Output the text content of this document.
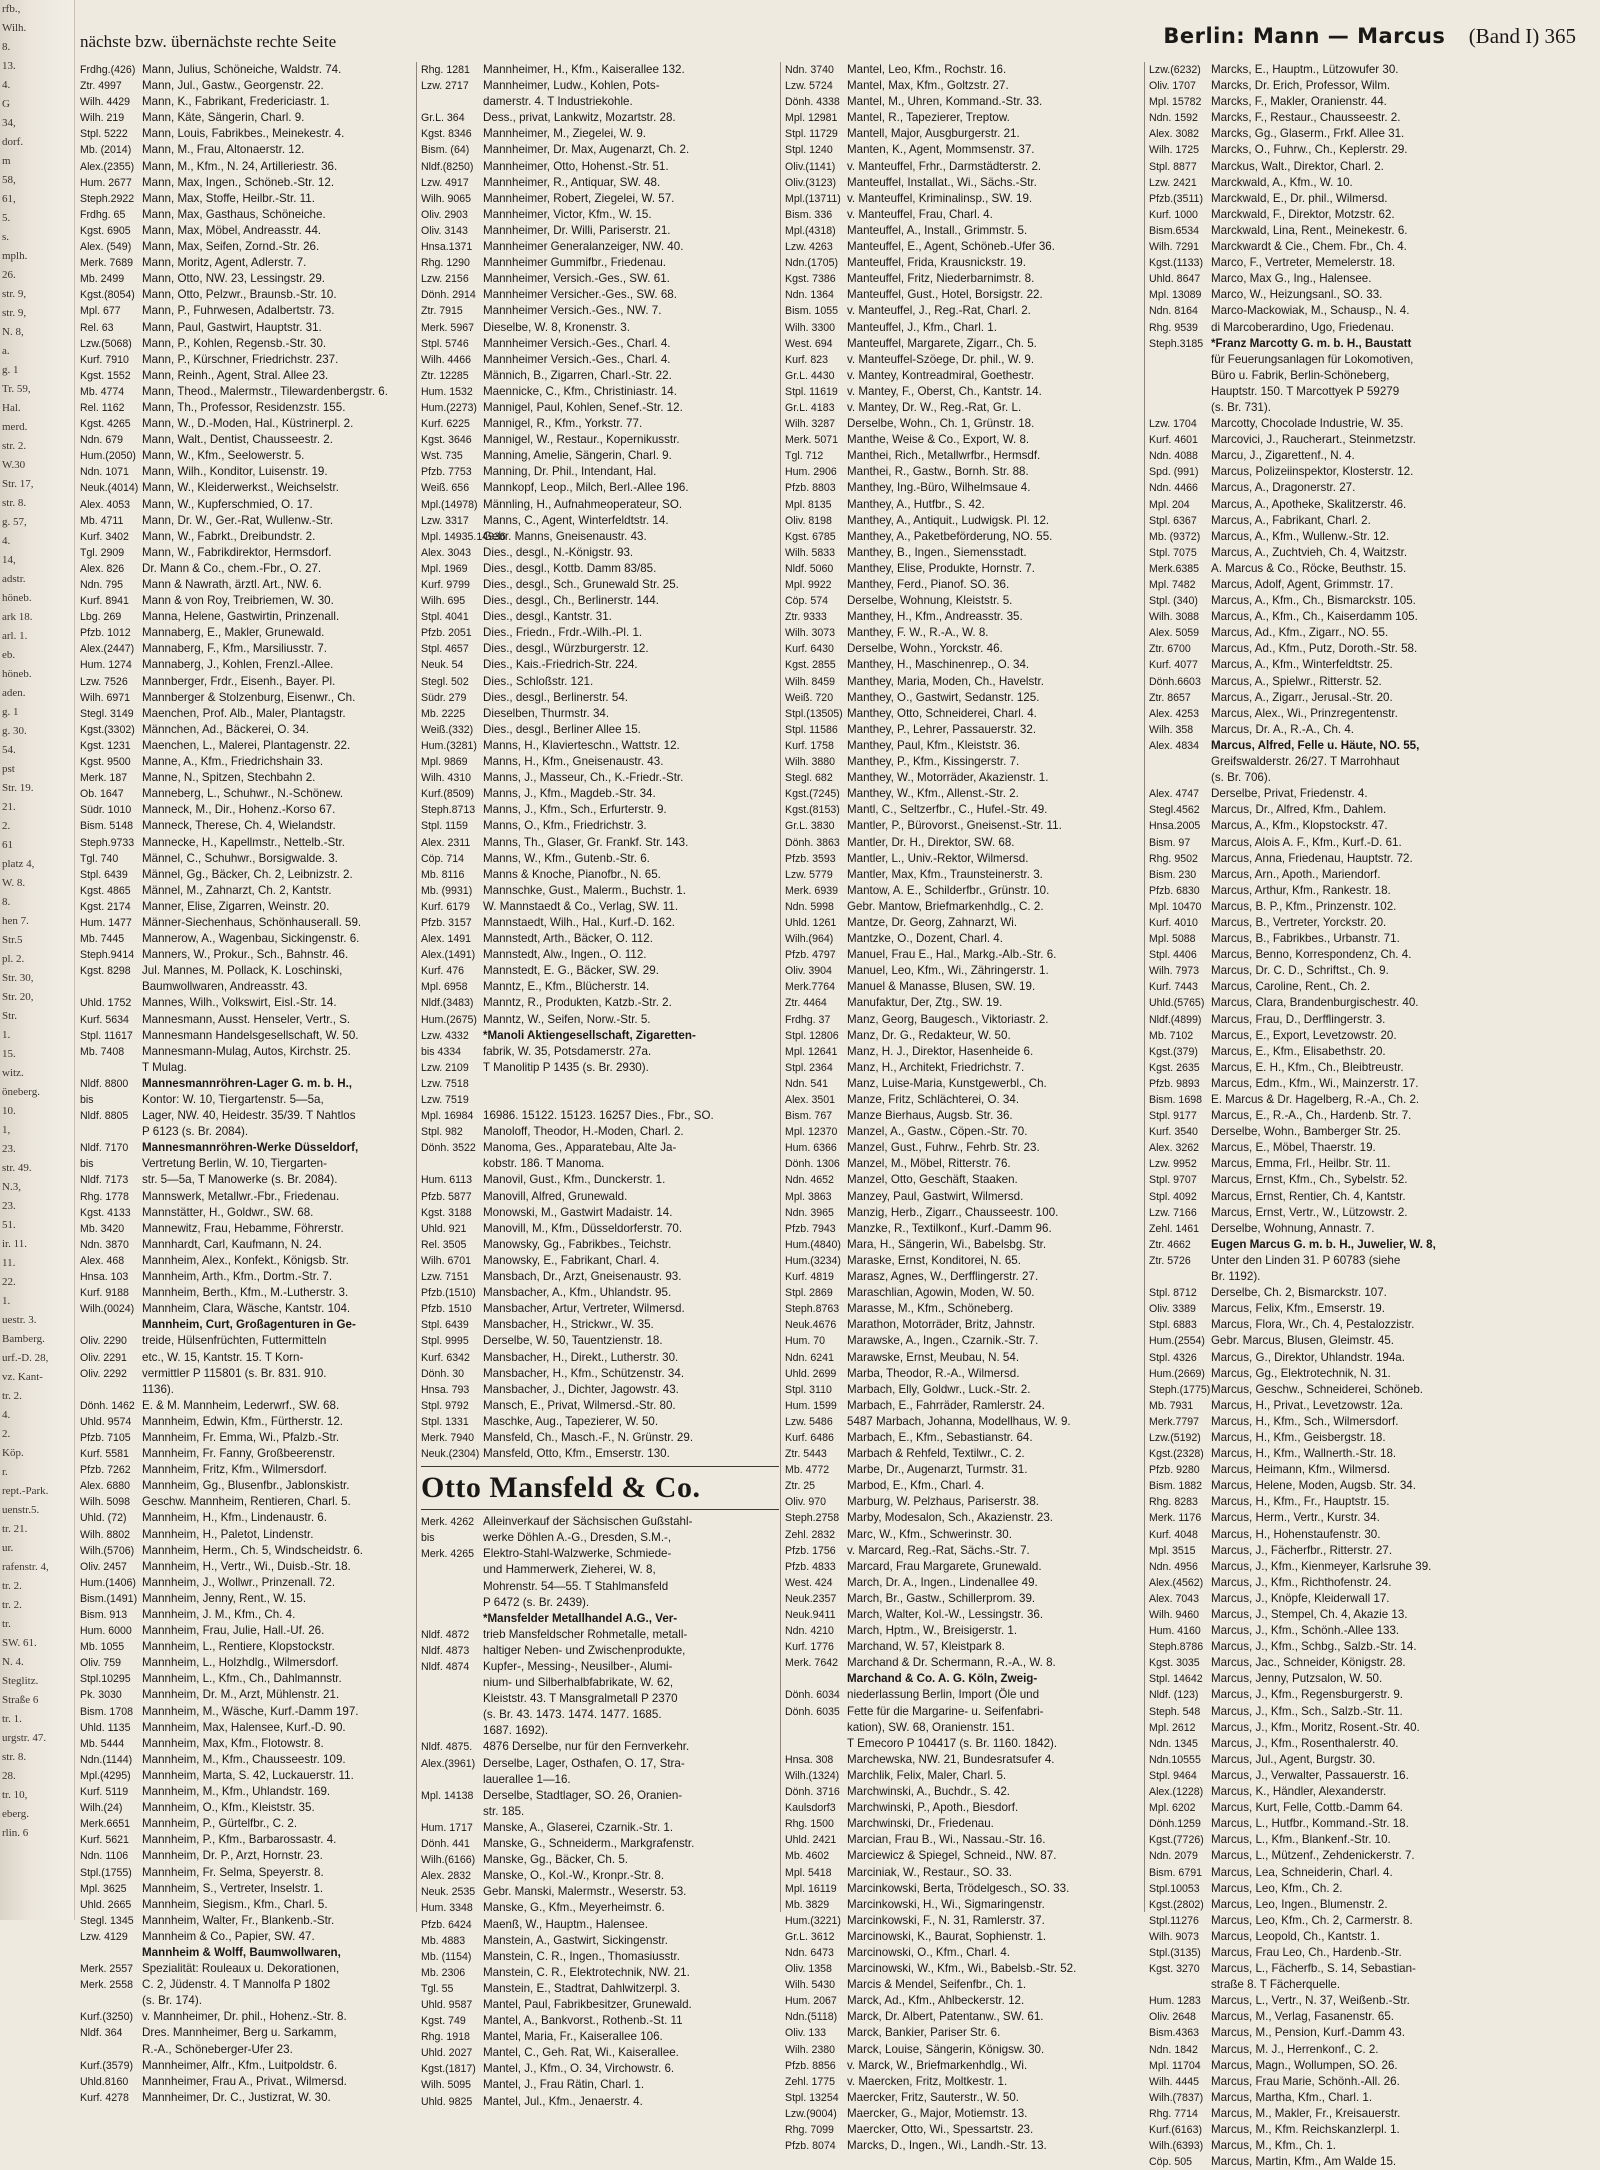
rfb.,
Wilh.
8.
13.
4.
G
34,
dorf.
m
58,
61,
5.
s.
mplh.
26.
str. 9,
str. 9,
N. 8,
a.
g. 1
Tr. 59,
Hal.
merd.
str. 2.
W.30
Str. 17,
str. 8.
g. 57,
4.
14,
adstr.
höneb.
ark 18.
arl. 1.
eb.
höneb.
aden.
g. 1
g. 30.
54.
pst
Str. 19.
21.
2.
61
platz 4,
W. 8.
8.
hen 7.
Str.5
pl. 2.
Str. 30,
Str. 20,
Str.
1.
15.
witz.
öneberg.
10.
1,
23.
str. 49.
N.3,
23.
51.
ir. 11.
11.
22.
1.
uestr. 3.
Bamberg.
urf.-D. 28,
vz. Kant-
tr. 2.
4.
2.
Köp.
r.
rept.-Park.
uenstr.5.
tr. 21.
ur.
rafenstr. 4,
tr. 2.
tr. 2.
tr.
SW. 61.
N. 4.
Steglitz.
Straße 6
tr. 1.
urgstr. 47.
str. 8.
28.
tr. 10,
eberg.
rlin. 6
nächste bzw. übernächste rechte Seite	Berlin: Mann — Marcus (Band I) 365
Frdhg.(426) Mann, Julius, Schöneiche, Waldstr. 74.
Ztr. 4997 Mann, Jul., Gastw., Georgenstr. 22.
Wilh. 4429 Mann, K., Fabrikant, Fredericiastr. 1.
Wilh. 219 Mann, Käte, Sängerin, Charl. 9.
Stpl. 5222 Mann, Louis, Fabrikbes., Meinekestr. 4.
Mb. (2014) Mann, M., Frau, Altonaerstr. 12.
Alex.(2355) Mann, M., Kfm., N. 24, Artilleriestr. 36.
Hum. 2677 Mann, Max, Ingen., Schöneb.-Str. 12.
Steph.2922 Mann, Max, Stoffe, Heilbr.-Str. 11.
Frdhg. 65 Mann, Max, Gasthaus, Schöneiche.
Kgst. 6905 Mann, Max, Möbel, Andreasstr. 44.
Alex. (549) Mann, Max, Seifen, Zornd.-Str. 26.
Merk. 7689 Mann, Moritz, Agent, Adlerstr. 7.
Mb. 2499 Mann, Otto, NW. 23, Lessingstr. 29.
Kgst.(8054) Mann, Otto, Pelzwr., Braunsb.-Str. 10.
Mpl. 677 Mann, P., Fuhrwesen, Adalbertstr. 73.
Rel. 63 Mann, Paul, Gastwirt, Hauptstr. 31.
Lzw.(5068) Mann, P., Kohlen, Regensb.-Str. 30.
Kurf. 7910 Mann, P., Kürschner, Friedrichstr. 237.
Kgst. 1552 Mann, Reinh., Agent, Stral. Allee 23.
Mb. 4774 Mann, Theod., Malermstr., Tilewardenbergstr. 6.
Rel. 1162 Mann, Th., Professor, Residenzstr. 155.
Kgst. 4265 Mann, W., D.-Moden, Hal., Küstrinerpl. 2.
Ndn. 679 Mann, Walt., Dentist, Chausseestr. 2.
Hum.(2050) Mann, W., Kfm., Seelowerstr. 5.
Ndn. 1071 Mann, Wilh., Konditor, Luisenstr. 19.
Neuk.(4014) Mann, W., Kleiderwerkst., Weichselstr.
Alex. 4053 Mann, W., Kupferschmied, O. 17.
Mb. 4711 Mann, Dr. W., Ger.-Rat, Wullenw.-Str.
Kurf. 3402 Mann, W., Fabrkt., Dreibundstr. 2.
Tgl. 2909 Mann, W., Fabrikdirektor, Hermsdorf.
Alex. 826 Dr. Mann & Co., chem.-Fbr., O. 27.
Ndn. 795 Mann & Nawrath, ärztl. Art., NW. 6.
Kurf. 8941 Mann & von Roy, Treibriemen, W. 30.
Lbg. 269 Manna, Helene, Gastwirtin, Prinzenall.
Pfzb. 1012 Mannaberg, E., Makler, Grunewald.
Alex.(2447) Mannaberg, F., Kfm., Marsiliusstr. 7.
Hum. 1274 Mannaberg, J., Kohlen, Frenzl.-Allee.
Lzw. 7526 Mannberger, Frdr., Eisenh., Bayer. Pl.
Wilh. 6971 Mannberger & Stolzenburg, Eisenwr., Ch.
Stegl. 3149 Maenchen, Prof. Alb., Maler, Plantagstr.
Kgst.(3302) Männchen, Ad., Bäckerei, O. 34.
Kgst. 1231 Maenchen, L., Malerei, Plantagenstr. 22.
Kgst. 9500 Manne, A., Kfm., Friedrichshain 33.
Merk. 187 Manne, N., Spitzen, Stechbahn 2.
Ob. 1647 Manneberg, L., Schuhwr., N.-Schönew.
Südr. 1010 Manneck, M., Dir., Hohenz.-Korso 67.
Bism. 5148 Manneck, Therese, Ch. 4, Wielandstr.
Steph.9733 Mannecke, H., Kapellmstr., Nettelb.-Str.
Tgl. 740 Männel, C., Schuhwr., Borsigwalde. 3.
Stpl. 6439 Männel, Gg., Bäcker, Ch. 2, Leibnizstr. 2.
Kgst. 4865 Männel, M., Zahnarzt, Ch. 2, Kantstr.
Kgst. 2174 Manner, Elise, Zigarren, Weinstr. 20.
Hum. 1477 Männer-Siechenhaus, Schönhauserall. 59.
Mb. 7445 Mannerow, A., Wagenbau, Sickingenstr. 6.
Steph.9414 Manners, W., Prokur., Sch., Bahnstr. 46.
Kgst. 8298 Jul. Mannes, M. Pollack, K. Loschinski,
Baumwollwaren, Andreasstr. 43.
Uhld. 1752 Mannes, Wilh., Volkswirt, Eisl.-Str. 14.
Kurf. 5634 Mannesmann, Ausst. Henseler, Vertr., S.
Stpl. 11617 Mannesmann Handelsgesellschaft, W. 50.
Mb. 7408 Mannesmann-Mulag, Autos, Kirchstr. 25.
T Mulag.
Nldf. 8800 Mannesmannröhren-Lager G. m. b. H.,
bis	Kontor: W. 10, Tiergartenstr. 5—5a,
Nldf. 8805 Lager, NW. 40, Heidestr. 35/39. T Nahtlos
P 6123 (s. Br. 2084).
Nldf. 7170 Mannesmannröhren-Werke Düsseldorf,
bis	Vertretung Berlin, W. 10, Tiergarten-
Nldf. 7173 str. 5—5a, T Manowerke (s. Br. 2084).
Rhg. 1778 Mannswerk, Metallwr.-Fbr., Friedenau.
Kgst. 4133 Mannstätter, H., Goldwr., SW. 68.
Mb. 3420 Mannewitz, Frau, Hebamme, Föhrerstr.
Ndn. 3870 Mannhardt, Carl, Kaufmann, N. 24.
Alex. 468 Mannheim, Alex., Konfekt., Königsb. Str.
Hnsa. 103 Mannheim, Arth., Kfm., Dortm.-Str. 7.
Kurf. 9188 Mannheim, Berth., Kfm., M.-Lutherstr. 3.
Wilh.(0024) Mannheim, Clara, Wäsche, Kantstr. 104.
Mannheim, Curt, Großagenturen in Ge-
Oliv. 2290 treide, Hülsenfrüchten, Futtermitteln
Oliv. 2291 etc., W. 15, Kantstr. 15. T Korn-
Oliv. 2292 vermittler P 115801 (s. Br. 831. 910.
1136).
Dönh. 1462 E. & M. Mannheim, Lederwrf., SW. 68.
Uhld. 9574 Mannheim, Edwin, Kfm., Fürtherstr. 12.
Pfzb. 7105 Mannheim, Fr. Emma, Wi., Pfalzb.-Str.
Kurf. 5581 Mannheim, Fr. Fanny, Großbeerenstr.
Pfzb. 7262 Mannheim, Fritz, Kfm., Wilmersdorf.
Alex. 6880 Mannheim, Gg., Blusenfbr., Jablonskistr.
Wilh. 5098 Geschw. Mannheim, Rentieren, Charl. 5.
Uhld. (72) Mannheim, H., Kfm., Lindenaustr. 6.
Wilh. 8802 Mannheim, H., Paletot, Lindenstr.
Wilh.(5706) Mannheim, Herm., Ch. 5, Windscheidstr. 6.
Oliv. 2457 Mannheim, H., Vertr., Wi., Duisb.-Str. 18.
Hum.(1406) Mannheim, J., Wollwr., Prinzenall. 72.
Bism.(1491) Mannheim, Jenny, Rent., W. 15.
Bism. 913 Mannheim, J. M., Kfm., Ch. 4.
Hum. 6000 Mannheim, Frau, Julie, Hall.-Uf. 26.
Mb. 1055 Mannheim, L., Rentiere, Klopstockstr.
Oliv. 759 Mannheim, L., Holzhdlg., Wilmersdorf.
Stpl.10295 Mannheim, L., Kfm., Ch., Dahlmannstr.
Pk. 3030 Mannheim, Dr. M., Arzt, Mühlenstr. 21.
Bism. 1708 Mannheim, M., Wäsche, Kurf.-Damm 197.
Uhld. 1135 Mannheim, Max, Halensee, Kurf.-D. 90.
Mb. 5444 Mannheim, Max, Kfm., Flotowstr. 8.
Ndn.(1144) Mannheim, M., Kfm., Chausseestr. 109.
Mpl.(4295) Mannheim, Marta, S. 42, Luckauerstr. 11.
Kurf. 5119 Mannheim, M., Kfm., Uhlandstr. 169.
Wilh.(24) Mannheim, O., Kfm., Kleiststr. 35.
Merk.6651 Mannheim, P., Gürtelfbr., C. 2.
Kurf. 5621 Mannheim, P., Kfm., Barbarossastr. 4.
Ndn. 1106 Mannheim, Dr. P., Arzt, Hornstr. 23.
Stpl.(1755) Mannheim, Fr. Selma, Speyerstr. 8.
Mpl. 3625 Mannheim, S., Vertreter, Inselstr. 1.
Uhld. 2665 Mannheim, Siegism., Kfm., Charl. 5.
Stegl. 1345 Mannheim, Walter, Fr., Blankenb.-Str.
Lzw. 4129 Mannheim & Co., Papier, SW. 47.
Mannheim & Wolff, Baumwollwaren,
Merk. 2557 Spezialität: Rouleaux u. Dekorationen,
Merk. 2558 C. 2, Jüdenstr. 4. T Mannolfa P 1802
(s. Br. 174).
Kurf.(3250) v. Mannheimer, Dr. phil., Hohenz.-Str. 8.
Nldf. 364 Dres. Mannheimer, Berg u. Sarkamm,
R.-A., Schöneberger-Ufer 23.
Kurf.(3579) Mannheimer, Alfr., Kfm., Luitpoldstr. 6.
Uhld.8160 Mannheimer, Frau A., Privat., Wilmersd.
Kurf. 4278 Mannheimer, Dr. C., Justizrat, W. 30.
Rhg. 1281 Mannheimer, H., Kfm., Kaiserallee 132.
Lzw. 2717 Mannheimer, Ludw., Kohlen, Pots-
damerstr. 4. T Industriekohle.
Gr.L. 364 Dess., privat, Lankwitz, Mozartstr. 28.
Kgst. 8346 Mannheimer, M., Ziegelei, W. 9.
Bism. (64) Mannheimer, Dr. Max, Augenarzt, Ch. 2.
Nldf.(8250) Mannheimer, Otto, Hohenst.-Str. 51.
Lzw. 4917 Mannheimer, R., Antiquar, SW. 48.
Wilh. 9065 Mannheimer, Robert, Ziegelei, W. 57.
Oliv. 2903 Mannheimer, Victor, Kfm., W. 15.
Oliv. 3143 Mannheimer, Dr. Willi, Pariserstr. 21.
Hnsa.1371 Mannheimer Generalanzeiger, NW. 40.
Rhg. 1290 Mannheimer Gummifbr., Friedenau.
Lzw. 2156 Mannheimer, Versich.-Ges., SW. 61.
Dönh. 2914 Mannheimer Versicher.-Ges., SW. 68.
Ztr. 7915 Mannheimer Versich.-Ges., NW. 7.
Merk. 5967 Dieselbe, W. 8, Kronenstr. 3.
Stpl. 5746 Mannheimer Versich.-Ges., Charl. 4.
Wilh. 4466 Mannheimer Versich.-Ges., Charl. 4.
Ztr. 12285 Männich, B., Zigarren, Charl.-Str. 22.
Hum. 1532 Maennicke, C., Kfm., Christiniastr. 14.
Hum.(2273) Mannigel, Paul, Kohlen, Senef.-Str. 12.
Kurf. 6225 Mannigel, R., Kfm., Yorkstr. 77.
Kgst. 3646 Mannigel, W., Restaur., Kopernikusstr.
Wst. 735 Manning, Amelie, Sängerin, Charl. 9.
Pfzb. 7753 Manning, Dr. Phil., Intendant, Hal.
Weiß. 656 Mannkopf, Leop., Milch, Berl.-Allee 196.
Mpl.(14978) Männling, H., Aufnahmeoperateur, SO.
Lzw. 3317 Manns, C., Agent, Winterfeldtstr. 14.
Mpl. 14935.14936Gebr. Manns, Gneisenaustr. 43.
Alex. 3043 Dies., desgl., N.-Königstr. 93.
Mpl. 1969 Dies., desgl., Kottb. Damm 83/85.
Kurf. 9799 Dies., desgl., Sch., Grunewald Str. 25.
Wilh. 695 Dies., desgl., Ch., Berlinerstr. 144.
Stpl. 4041 Dies., desgl., Kantstr. 31.
Pfzb. 2051 Dies., Friedn., Frdr.-Wilh.-Pl. 1.
Stpl. 4657 Dies., desgl., Würzburgerstr. 12.
Neuk. 54 Dies., Kais.-Friedrich-Str. 224.
Stegl. 502 Dies., Schloßstr. 121.
Südr. 279 Dies., desgl., Berlinerstr. 54.
Mb. 2225 Dieselben, Thurmstr. 34.
Weiß.(332) Dies., desgl., Berliner Allee 15.
Hum.(3281) Manns, H., Klavierteschn., Wattstr. 12.
Mpl. 9869 Manns, H., Kfm., Gneisenaustr. 43.
Wilh. 4310 Manns, J., Masseur, Ch., K.-Friedr.-Str.
Kurf.(8509) Manns, J., Kfm., Magdeb.-Str. 34.
Steph.8713 Manns, J., Kfm., Sch., Erfurterstr. 9.
Stpl. 1159 Manns, O., Kfm., Friedrichstr. 3.
Alex. 2311 Manns, Th., Glaser, Gr. Frankf. Str. 143.
Cöp. 714 Manns, W., Kfm., Gutenb.-Str. 6.
Mb. 8116 Manns & Knoche, Pianofbr., N. 65.
Mb. (9931) Mannschke, Gust., Malerm., Buchstr. 1.
Kurf. 6179 W. Mannstaedt & Co., Verlag, SW. 11.
Pfzb. 3157 Mannstaedt, Wilh., Hal., Kurf.-D. 162.
Alex. 1491 Mannstedt, Arth., Bäcker, O. 112.
Alex.(1491) Mannstedt, Alw., Ingen., O. 112.
Kurf. 476 Mannstedt, E. G., Bäcker, SW. 29.
Mpl. 6958 Manntz, E., Kfm., Blücherstr. 14.
Nldf.(3483) Manntz, R., Produkten, Katzb.-Str. 2.
Hum.(2675) Manntz, W., Seifen, Norw.-Str. 5.
Lzw. 4332 *Manoli Aktiengesellschaft, Zigaretten-
bis 4334 fabrik, W. 35, Potsdamerstr. 27a.
Lzw. 2109 T Manolitip P 1435 (s. Br. 2930).
Lzw. 7518
Lzw. 7519
Mpl. 16984 16986. 15122. 15123. 16257 Dies., Fbr., SO.
Stpl. 982 Manoloff, Theodor, H.-Moden, Charl. 2.
Dönh. 3522 Manoma, Ges., Apparatebau, Alte Ja-
kobstr. 186. T Manoma.
Hum. 6113 Manovil, Gust., Kfm., Dunckerstr. 1.
Pfzb. 5877 Manovill, Alfred, Grunewald.
Kgst. 3188 Monowski, M., Gastwirt Madaistr. 14.
Uhld. 921 Manovill, M., Kfm., Düsseldorferstr. 70.
Rel. 3505 Manowsky, Gg., Fabrikbes., Teichstr.
Wilh. 6701 Manowsky, E., Fabrikant, Charl. 4.
Lzw. 7151 Mansbach, Dr., Arzt, Gneisenaustr. 93.
Pfzb.(1510) Mansbacher, A., Kfm., Uhlandstr. 95.
Pfzb. 1510 Mansbacher, Artur, Vertreter, Wilmersd.
Stpl. 6439 Mansbacher, H., Strickwr., W. 35.
Stpl. 9995 Derselbe, W. 50, Tauentzienstr. 18.
Kurf. 6342 Mansbacher, H., Direkt., Lutherstr. 30.
Dönh. 30 Mansbacher, H., Kfm., Schützenstr. 34.
Hnsa. 793 Mansbacher, J., Dichter, Jagowstr. 43.
Stpl. 9792 Mansch, E., Privat, Wilmersd.-Str. 80.
Stpl. 1331 Maschke, Aug., Tapezierer, W. 50.
Merk. 7940 Mansfeld, Ch., Masch.-F., N. Grünstr. 29.
Neuk.(2304) Mansfeld, Otto, Kfm., Emserstr. 130.
Otto Mansfeld & Co.
Merk. 4262 Alleinverkauf der Sächsischen Gußstahl-
bis	werke Döhlen A.-G., Dresden, S.M.-,
Merk. 4265 Elektro-Stahl-Walzwerke, Schmiede-
und Hammerwerk, Zieherei, W. 8,
Mohrenstr. 54—55. T Stahlmansfeld
P 6472 (s. Br. 2439).
*Mansfelder Metallhandel A.G., Ver-
Nldf. 4872 trieb Mansfeldscher Rohmetalle, metall-
Nldf. 4873 haltiger Neben- und Zwischenprodukte,
Nldf. 4874 Kupfer-, Messing-, Neusilber-, Alumi-
nium- und Silberhalbfabrikate, W. 62,
Kleiststr. 43. T Mansgralmetall P 2370
(s. Br. 43. 1473. 1474. 1477. 1685.
1687. 1692).
Nldf. 4875. 4876 Derselbe, nur für den Fernverkehr.
Alex.(3961) Derselbe, Lager, Osthafen, O. 17, Stra-
lauerallee 1—16.
Mpl. 14138 Derselbe, Stadtlager, SO. 26, Oranien-
str. 185.
Hum. 1717 Manske, A., Glaserei, Czarnik.-Str. 1.
Dönh. 441 Manske, G., Schneiderm., Markgrafenstr.
Wilh.(6166) Manske, Gg., Bäcker, Ch. 5.
Alex. 2832 Manske, O., Kol.-W., Kronpr.-Str. 8.
Neuk. 2535 Gebr. Manski, Malermstr., Weserstr. 53.
Hum. 3348 Manske, G., Kfm., Meyerheimstr. 6.
Pfzb. 6424 Maenß, W., Hauptm., Halensee.
Mb. 4883 Manstein, A., Gastwirt, Sickingenstr.
Mb. (1154) Manstein, C. R., Ingen., Thomasiusstr.
Mb. 2306 Manstein, C. R., Elektrotechnik, NW. 21.
Tgl. 55	Manstein, E., Stadtrat, Dahlwitzerpl. 3.
Uhld. 9587 Mantel, Paul, Fabrikbesitzer, Grunewald.
Kgst. 749 Mantel, A., Bankvorst., Rothenb.-St. 11
Rhg. 1918 Mantel, Maria, Fr., Kaiserallee 106.
Uhld. 2027 Mantel, C., Geh. Rat, Wi., Kaiserallee.
Kgst.(1817) Mantel, J., Kfm., O. 34, Virchowstr. 6.
Wilh. 5095 Mantel, J., Frau Rätin, Charl. 1.
Uhld. 9825 Mantel, Jul., Kfm., Jenaerstr. 4.
Ndn. 3740 Mantel, Leo, Kfm., Rochstr. 16.
Lzw. 5724 Mantel, Max, Kfm., Goltzstr. 27.
Dönh. 4338 Mantel, M., Uhren, Kommand.-Str. 33.
Mpl. 12981 Mantel, R., Tapezierer, Treptow.
Stpl. 11729 Mantell, Major, Ausgburgerstr. 21.
Stpl. 1240 Manten, K., Agent, Mommsenstr. 37.
Oliv.(1141) v. Manteuffel, Frhr., Darmstädterstr. 2.
Oliv.(3123) Manteuffel, Installat., Wi., Sächs.-Str.
Mpl.(13711) v. Manteuffel, Kriminalinsp., SW. 19.
Bism. 336 v. Manteuffel, Frau, Charl. 4.
Mpl.(4318) Manteuffel, A., Install., Grimmstr. 5.
Lzw. 4263 Manteuffel, E., Agent, Schöneb.-Ufer 36.
Ndn.(1705) Manteuffel, Frida, Krausnickstr. 19.
Kgst. 7386 Manteuffel, Fritz, Niederbarnimstr. 8.
Ndn. 1364 Manteuffel, Gust., Hotel, Borsigstr. 22.
Bism. 1055 v. Manteuffel, J., Reg.-Rat, Charl. 2.
Wilh. 3300 Manteuffel, J., Kfm., Charl. 1.
West. 694 Manteuffel, Margarete, Zigarr., Ch. 5.
Kurf. 823 v. Manteuffel-Szöege, Dr. phil., W. 9.
Gr.L. 4430 v. Mantey, Kontreadmiral, Goethestr.
Stpl. 11619 v. Mantey, F., Oberst, Ch., Kantstr. 14.
Gr.L. 4183 v. Mantey, Dr. W., Reg.-Rat, Gr. L.
Wilh. 3287 Derselbe, Wohn., Ch. 1, Grünstr. 18.
Merk. 5071 Manthe, Weise & Co., Export, W. 8.
Tgl. 712 Manthei, Rich., Metallwrfbr., Hermsdf.
Hum. 2906 Manthei, R., Gastw., Bornh. Str. 88.
Pfzb. 8803 Manthey, Ing.-Büro, Wilhelmsaue 4.
Mpl. 8135 Manthey, A., Hutfbr., S. 42.
Oliv. 8198 Manthey, A., Antiquit., Ludwigsk. Pl. 12.
Kgst. 6785 Manthey, A., Paketbeförderung, NO. 55.
Wilh. 5833 Manthey, B., Ingen., Siemensstadt.
Nldf. 5060 Manthey, Elise, Produkte, Hornstr. 7.
Mpl. 9922 Manthey, Ferd., Pianof. SO. 36.
Cöp. 574 Derselbe, Wohnung, Kleiststr. 5.
Ztr. 9333 Manthey, H., Kfm., Andreasstr. 35.
Wilh. 3073 Manthey, F. W., R.-A., W. 8.
Kurf. 6430 Derselbe, Wohn., Yorckstr. 46.
Kgst. 2855 Manthey, H., Maschinenrep., O. 34.
Wilh. 8459 Manthey, Maria, Moden, Ch., Havelstr.
Weiß. 720 Manthey, O., Gastwirt, Sedanstr. 125.
Stpl.(13505) Manthey, Otto, Schneiderei, Charl. 4.
Stpl. 11586 Manthey, P., Lehrer, Passauerstr. 32.
Kurf. 1758 Manthey, Paul, Kfm., Kleiststr. 36.
Wilh. 3880 Manthey, P., Kfm., Kissingerstr. 7.
Stegl. 682 Manthey, W., Motorräder, Akazienstr. 1.
Kgst.(7245) Manthey, W., Kfm., Allenst.-Str. 2.
Kgst.(8153) Mantl, C., Seltzerfbr., C., Hufel.-Str. 49.
Gr.L. 3830 Mantler, P., Bürovorst., Gneisenst.-Str. 11.
Dönh. 3863 Mantler, Dr. H., Direktor, SW. 68.
Pfzb. 3593 Mantler, L., Univ.-Rektor, Wilmersd.
Lzw. 5779 Mantler, Max, Kfm., Traunsteinerstr. 3.
Merk. 6939 Mantow, A. E., Schilderfbr., Grünstr. 10.
Ndn. 5998 Gebr. Mantow, Briefmarkenhdlg., C. 2.
Uhld. 1261 Mantze, Dr. Georg, Zahnarzt, Wi.
Wilh.(964) Mantzke, O., Dozent, Charl. 4.
Pfzb. 4797 Manuel, Frau E., Hal., Markg.-Alb.-Str. 6.
Oliv. 3904 Manuel, Leo, Kfm., Wi., Zähringerstr. 1.
Merk.7764 Manuel & Manasse, Blusen, SW. 19.
Ztr. 4464 Manufaktur, Der, Ztg., SW. 19.
Frdhg. 37 Manz, Georg, Baugesch., Viktoriastr. 2.
Stpl. 12806 Manz, Dr. G., Redakteur, W. 50.
Mpl. 12641 Manz, H. J., Direktor, Hasenheide 6.
Stpl. 2364 Manz, H., Architekt, Friedrichstr. 7.
Ndn. 541 Manz, Luise-Maria, Kunstgewerbl., Ch.
Alex. 3501 Manze, Fritz, Schlächterei, O. 34.
Bism. 767 Manze Bierhaus, Augsb. Str. 36.
Mpl. 12370 Manzel, A., Gastw., Cöpen.-Str. 70.
Hum. 6366 Manzel, Gust., Fuhrw., Fehrb. Str. 23.
Dönh. 1306 Manzel, M., Möbel, Ritterstr. 76.
Ndn. 4652 Manzel, Otto, Geschäft, Staaken.
Mpl. 3863 Manzey, Paul, Gastwirt, Wilmersd.
Ndn. 3965 Manzig, Herb., Zigarr., Chausseestr. 100.
Pfzb. 7943 Manzke, R., Textilkonf., Kurf.-Damm 96.
Hum.(4840) Mara, H., Sängerin, Wi., Babelsbg. Str.
Hum.(3234) Maraske, Ernst, Konditorei, N. 65.
Kurf. 4819 Marasz, Agnes, W., Derfflingerstr. 27.
Stpl. 2869 Maraschlian, Agowin, Moden, W. 50.
Steph.8763 Marasse, M., Kfm., Schöneberg.
Neuk.4676 Marathon, Motorräder, Britz, Jahnstr.
Hum. 70 Marawske, A., Ingen., Czarnik.-Str. 7.
Ndn. 6241 Marawske, Ernst, Meubau, N. 54.
Uhld. 2699 Marba, Theodor, R.-A., Wilmersd.
Stpl. 3110 Marbach, Elly, Goldwr., Luck.-Str. 2.
Hum. 1599 Marbach, E., Fahrräder, Ramlerstr. 24.
Lzw. 5486 5487 Marbach, Johanna, Modellhaus, W. 9.
Kurf. 6486 Marbach, E., Kfm., Sebastianstr. 64.
Ztr. 5443 Marbach & Rehfeld, Textilwr., C. 2.
Mb. 4772 Marbe, Dr., Augenarzt, Turmstr. 31.
Ztr. 25	Marbod, E., Kfm., Charl. 4.
Oliv. 970 Marburg, W. Pelzhaus, Pariserstr. 38.
Steph.2758 Marby, Modesalon, Sch., Akazienstr. 23.
Zehl. 2832 Marc, W., Kfm., Schwerinstr. 30.
Pfzb. 1756 v. Marcard, Reg.-Rat, Sächs.-Str. 7.
Pfzb. 4833 Marcard, Frau Margarete, Grunewald.
West. 424 March, Dr. A., Ingen., Lindenallee 49.
Neuk.2357 March, Br., Gastw., Schillerprom. 39.
Neuk.9411 March, Walter, Kol.-W., Lessingstr. 36.
Ndn. 4210 March, Hptm., W., Breisigerstr. 1.
Kurf. 1776 Marchand, W. 57, Kleistpark 8.
Merk. 7642 Marchand & Dr. Schermann, R.-A., W. 8.
Marchand & Co. A. G. Köln, Zweig-
Dönh. 6034 niederlassung Berlin, Import (Öle und
Dönh. 6035 Fette für die Margarine- u. Seifenfabri-
kation), SW. 68, Oranienstr. 151.
T Emecoro P 104417 (s. Br. 1160. 1842).
Hnsa. 308 Marchewska, NW. 21, Bundesratsufer 4.
Wilh.(1324) Marchlik, Felix, Maler, Charl. 5.
Dönh. 3716 Marchwinski, A., Buchdr., S. 42.
Kaulsdorf3 Marchwinski, P., Apoth., Biesdorf.
Rhg. 1500 Marchwinski, Dr., Friedenau.
Uhld. 2421 Marcian, Frau B., Wi., Nassau.-Str. 16.
Mb. 4602 Marciewicz & Spiegel, Schneid., NW. 87.
Mpl. 5418 Marciniak, W., Restaur., SO. 33.
Mpl. 16119 Marcinkowski, Berta, Trödelgesch., SO. 33.
Mb. 3829 Marcinkowski, H., Wi., Sigmaringenstr.
Hum.(3221) Marcinkowski, F., N. 31, Ramlerstr. 37.
Gr.L. 3612 Marcinowski, K., Baurat, Sophienstr. 1.
Ndn. 6473 Marcinowski, O., Kfm., Charl. 4.
Oliv. 1358 Marcinowski, W., Kfm., Wi., Babelsb.-Str. 52.
Wilh. 5430 Marcis & Mendel, Seifenfbr., Ch. 1.
Hum. 2067 Marck, Ad., Kfm., Ahlbeckerstr. 12.
Ndn.(5118) Marck, Dr. Albert, Patentanw., SW. 61.
Oliv. 133 Marck, Bankier, Pariser Str. 6.
Wilh. 2380 Marck, Louise, Sängerin, Königsw. 30.
Pfzb. 8856 v. Marck, W., Briefmarkenhdlg., Wi.
Zehl. 1775 v. Maercken, Fritz, Moltkestr. 1.
Stpl. 13254 Maercker, Fritz, Sauterstr., W. 50.
Lzw.(9004) Maercker, G., Major, Motiemstr. 13.
Rhg. 7099 Maercker, Otto, Wi., Spessartstr. 23.
Pfzb. 8074 Marcks, D., Ingen., Wi., Landh.-Str. 13.
Lzw.(6232) Marcks, E., Hauptm., Lützowufer 30.
Oliv. 1707 Marcks, Dr. Erich, Professor, Wilm.
Mpl. 15782 Marcks, F., Makler, Oranienstr. 44.
Ndn. 1592 Marcks, F., Restaur., Chausseestr. 2.
Alex. 3082 Marcks, Gg., Glaserm., Frkf. Allee 31.
Wilh. 1725 Marcks, O., Fuhrw., Ch., Keplerstr. 29.
Stpl. 8877 Marckus, Walt., Direktor, Charl. 2.
Lzw. 2421 Marckwald, A., Kfm., W. 10.
Pfzb.(3511) Marckwald, E., Dr. phil., Wilmersd.
Kurf. 1000 Marckwald, F., Direktor, Motzstr. 62.
Bism.6534 Marckwald, Lina, Rent., Meinekestr. 6.
Wilh. 7291 Marckwardt & Cie., Chem. Fbr., Ch. 4.
Kgst.(1133) Marco, F., Vertreter, Memelerstr. 18.
Uhld. 8647 Marco, Max G., Ing., Halensee.
Mpl. 13089 Marco, W., Heizungsanl., SO. 33.
Ndn. 8164 Marco-Mackowiak, M., Schausp., N. 4.
Rhg. 9539 di Marcoberardino, Ugo, Friedenau.
Steph.3185 *Franz Marcotty G. m. b. H., Baustatt
für Feuerungsanlagen für Lokomotiven,
Büro u. Fabrik, Berlin-Schöneberg,
Hauptstr. 150. T Marcottyek P 59279
(s. Br. 731).
Lzw. 1704 Marcotty, Chocolade Industrie, W. 35.
Kurf. 4601 Marcovici, J., Raucherart., Steinmetzstr.
Ndn. 4088 Marcu, J., Zigarettenf., N. 4.
Spd. (991) Marcus, Polizeiinspektor, Klosterstr. 12.
Ndn. 4466 Marcus, A., Dragonerstr. 27.
Mpl. 204 Marcus, A., Apotheke, Skalitzerstr. 46.
Stpl. 6367 Marcus, A., Fabrikant, Charl. 2.
Mb. (9372) Marcus, A., Kfm., Wullenw.-Str. 12.
Stpl. 7075 Marcus, A., Zuchtvieh, Ch. 4, Waitzstr.
Merk.6385 A. Marcus & Co., Röcke, Beuthstr. 15.
Mpl. 7482 Marcus, Adolf, Agent, Grimmstr. 17.
Stpl. (340) Marcus, A., Kfm., Ch., Bismarckstr. 105.
Wilh. 3088 Marcus, A., Kfm., Ch., Kaiserdamm 105.
Alex. 5059 Marcus, Ad., Kfm., Zigarr., NO. 55.
Ztr. 6700 Marcus, Ad., Kfm., Putz, Doroth.-Str. 58.
Kurf. 4077 Marcus, A., Kfm., Winterfeldtstr. 25.
Dönh.6603 Marcus, A., Spielwr., Ritterstr. 52.
Ztr. 8657 Marcus, A., Zigarr., Jerusal.-Str. 20.
Alex. 4253 Marcus, Alex., Wi., Prinzregentenstr.
Wilh. 358 Marcus, Dr. A., R.-A., Ch. 4.
Alex. 4834 Marcus, Alfred, Felle u. Häute, NO. 55,
Greifswalderstr. 26/27. T Marrohhaut
(s. Br. 706).
Alex. 4747 Derselbe, Privat, Friedenstr. 4.
Stegl.4562 Marcus, Dr., Alfred, Kfm., Dahlem.
Hnsa.2005 Marcus, A., Kfm., Klopstockstr. 47.
Bism. 97 Marcus, Alois A. F., Kfm., Kurf.-D. 61.
Rhg. 9502 Marcus, Anna, Friedenau, Hauptstr. 72.
Bism. 230 Marcus, Arn., Apoth., Mariendorf.
Pfzb. 6830 Marcus, Arthur, Kfm., Rankestr. 18.
Mpl. 10470 Marcus, B. P., Kfm., Prinzenstr. 102.
Kurf. 4010 Marcus, B., Vertreter, Yorckstr. 20.
Mpl. 5088 Marcus, B., Fabrikbes., Urbanstr. 71.
Stpl. 4406 Marcus, Benno, Korrespondenz, Ch. 4.
Wilh. 7973 Marcus, Dr. C. D., Schriftst., Ch. 9.
Kurf. 7443 Marcus, Caroline, Rent., Ch. 2.
Uhld.(5765) Marcus, Clara, Brandenburgischestr. 40.
Nldf.(4899) Marcus, Frau, D., Derfflingerstr. 3.
Mb. 7102 Marcus, E., Export, Levetzowstr. 20.
Kgst.(379) Marcus, E., Kfm., Elisabethstr. 20.
Kgst. 2635 Marcus, E. H., Kfm., Ch., Bleibtreustr.
Pfzb. 9893 Marcus, Edm., Kfm., Wi., Mainzerstr. 17.
Bism. 1698 E. Marcus & Dr. Hagelberg, R.-A., Ch. 2.
Stpl. 9177 Marcus, E., R.-A., Ch., Hardenb. Str. 7.
Kurf. 3540 Derselbe, Wohn., Bamberger Str. 25.
Alex. 3262 Marcus, E., Möbel, Thaerstr. 19.
Lzw. 9952 Marcus, Emma, Frl., Heilbr. Str. 11.
Stpl. 9707 Marcus, Ernst, Kfm., Ch., Sybelstr. 52.
Stpl. 4092 Marcus, Ernst, Rentier, Ch. 4, Kantstr.
Lzw. 7166 Marcus, Ernst, Vertr., W., Lützowstr. 2.
Zehl. 1461 Derselbe, Wohnung, Annastr. 7.
Ztr. 4662 Eugen Marcus G. m. b. H., Juwelier, W. 8,
Ztr. 5726 Unter den Linden 31. P 60783 (siehe
Br. 1192).
Stpl. 8712 Derselbe, Ch. 2, Bismarckstr. 107.
Oliv. 3389 Marcus, Felix, Kfm., Emserstr. 19.
Stpl. 6883 Marcus, Flora, Wr., Ch. 4, Pestalozzistr.
Hum.(2554) Gebr. Marcus, Blusen, Gleimstr. 45.
Stpl. 4326 Marcus, G., Direktor, Uhlandstr. 194a.
Hum.(2669) Marcus, Gg., Elektrotechnik, N. 31.
Steph.(1775)Marcus, Geschw., Schneiderei, Schöneb.
Mb. 7931 Marcus, H., Privat., Levetzowstr. 12a.
Merk.7797 Marcus, H., Kfm., Sch., Wilmersdorf.
Lzw.(5192) Marcus, H., Kfm., Geisbergstr. 18.
Kgst.(2328) Marcus, H., Kfm., Wallnerth.-Str. 18.
Pfzb. 9280 Marcus, Heimann, Kfm., Wilmersd.
Bism. 1882 Marcus, Helene, Moden, Augsb. Str. 34.
Rhg. 8283 Marcus, H., Kfm., Fr., Hauptstr. 15.
Merk. 1176 Marcus, Herm., Vertr., Kurstr. 34.
Kurf. 4048 Marcus, H., Hohenstaufenstr. 30.
Mpl. 3515 Marcus, J., Fächerfbr., Ritterstr. 27.
Ndn. 4956 Marcus, J., Kfm., Kienmeyer, Karlsruhe 39.
Alex.(4562) Marcus, J., Kfm., Richthofenstr. 24.
Alex. 7043 Marcus, J., Knöpfe, Kleiderwall 17.
Wilh. 9460 Marcus, J., Stempel, Ch. 4, Akazie 13.
Hum. 4160 Marcus, J., Kfm., Schönh.-Allee 133.
Steph.8786 Marcus, J., Kfm., Schbg., Salzb.-Str. 14.
Kgst. 3035 Marcus, Jac., Schneider, Königstr. 28.
Stpl. 14642 Marcus, Jenny, Putzsalon, W. 50.
Nldf. (123) Marcus, J., Kfm., Regensburgerstr. 9.
Steph. 548 Marcus, J., Kfm., Sch., Salzb.-Str. 11.
Mpl. 2612 Marcus, J., Kfm., Moritz, Rosent.-Str. 40.
Ndn. 1345 Marcus, J., Kfm., Rosenthalerstr. 40.
Ndn.10555 Marcus, Jul., Agent, Burgstr. 30.
Stpl. 9464 Marcus, J., Verwalter, Passauerstr. 16.
Alex.(1228) Marcus, K., Händler, Alexanderstr.
Mpl. 6202 Marcus, Kurt, Felle, Cottb.-Damm 64.
Dönh.1259 Marcus, L., Hutfbr., Kommand.-Str. 18.
Kgst.(7726) Marcus, L., Kfm., Blankenf.-Str. 10.
Ndn. 2079 Marcus, L., Mützenf., Zehdenickerstr. 7.
Bism. 6791 Marcus, Lea, Schneiderin, Charl. 4.
Stpl.10053 Marcus, Leo, Kfm., Ch. 2.
Kgst.(2802) Marcus, Leo, Ingen., Blumenstr. 2.
Stpl.11276 Marcus, Leo, Kfm., Ch. 2, Carmerstr. 8.
Wilh. 9073 Marcus, Leopold, Ch., Kantstr. 1.
Stpl.(3135) Marcus, Frau Leo, Ch., Hardenb.-Str.
Kgst. 3270 Marcus, L., Fächerfb., S. 14, Sebastian-
straße 8. T Fächerquelle.
Hum. 1283 Marcus, L., Vertr., N. 37, Weißenb.-Str.
Oliv. 2648 Marcus, M., Verlag, Fasanenstr. 65.
Bism.4363 Marcus, M., Pension, Kurf.-Damm 43.
Ndn. 1842 Marcus, M. J., Herrenkonf., C. 2.
Mpl. 11704 Marcus, Magn., Wollumpen, SO. 26.
Wilh. 4445 Marcus, Frau Marie, Schönh.-All. 26.
Wilh.(7837) Marcus, Martha, Kfm., Charl. 1.
Rhg. 7714 Marcus, M., Makler, Fr., Kreisauerstr.
Kurf.(6163) Marcus, M., Kfm. Reichskanzlerpl. 1.
Wilh.(6393) Marcus, M., Kfm., Ch. 1.
Cöp. 505 Marcus, Martin, Kfm., Am Walde 15.
